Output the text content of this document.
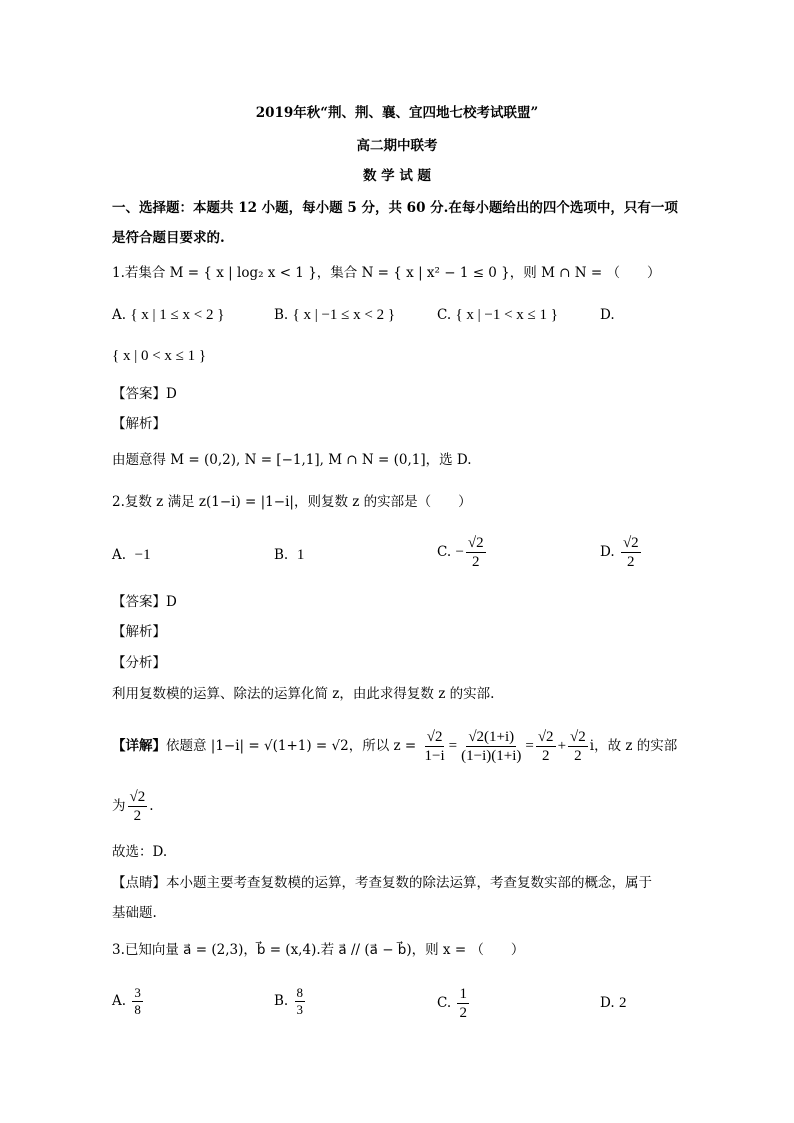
2019年秋“荆、荆、襄、宜四地七校考试联盟”
高二期中联考
数 学 试 题
一、选择题：本题共 12 小题，每小题 5 分，共 60 分.在每小题给出的四个选项中，只有一项
是符合题目要求的.
1.若集合 M = { x | log₂ x < 1 }，集合 N = { x | x² − 1 ≤ 0 }，则 M ∩ N = （　　）
A. { x | 1 ≤ x < 2 }	B. { x | −1 ≤ x < 2 }	C. { x | −1 < x ≤ 1 }	D.
{ x | 0 < x ≤ 1 }
【答案】D
【解析】
由题意得 M = (0,2), N = [−1,1], M ∩ N = (0,1]，选 D.
2.复数 z 满足 z(1−i) = |1−i|，则复数 z 的实部是（　　）
A. −1	B. 1	C. − $\frac{√2}{2}$	D. $\frac{√2}{2}$
【答案】D
【解析】
【分析】
利用复数模的运算、除法的运算化简 z，由此求得复数 z 的实部.
【详解】依题意 |1−i| = √(1+1) = √2，所以 $z = \frac{√2}{1-i} = \frac{√2(1+i)}{(1-i)(1+i)} = \frac{√2}{2} + \frac{√2}{2}$ i，故 z 的实部
为 $\frac{√2}{2}$ .
故选：D.
【点睛】本小题主要考查复数模的运算，考查复数的除法运算，考查复数实部的概念，属于
基础题.
3.已知向量 a⃗ = (2,3)，b⃗ = (x,4).若 a⃗ // (a⃗ − b⃗)，则 x = （　　）
A. $\frac{3}{8}$	B. $\frac{8}{3}$	C. $\frac{1}{2}$	D. 2
